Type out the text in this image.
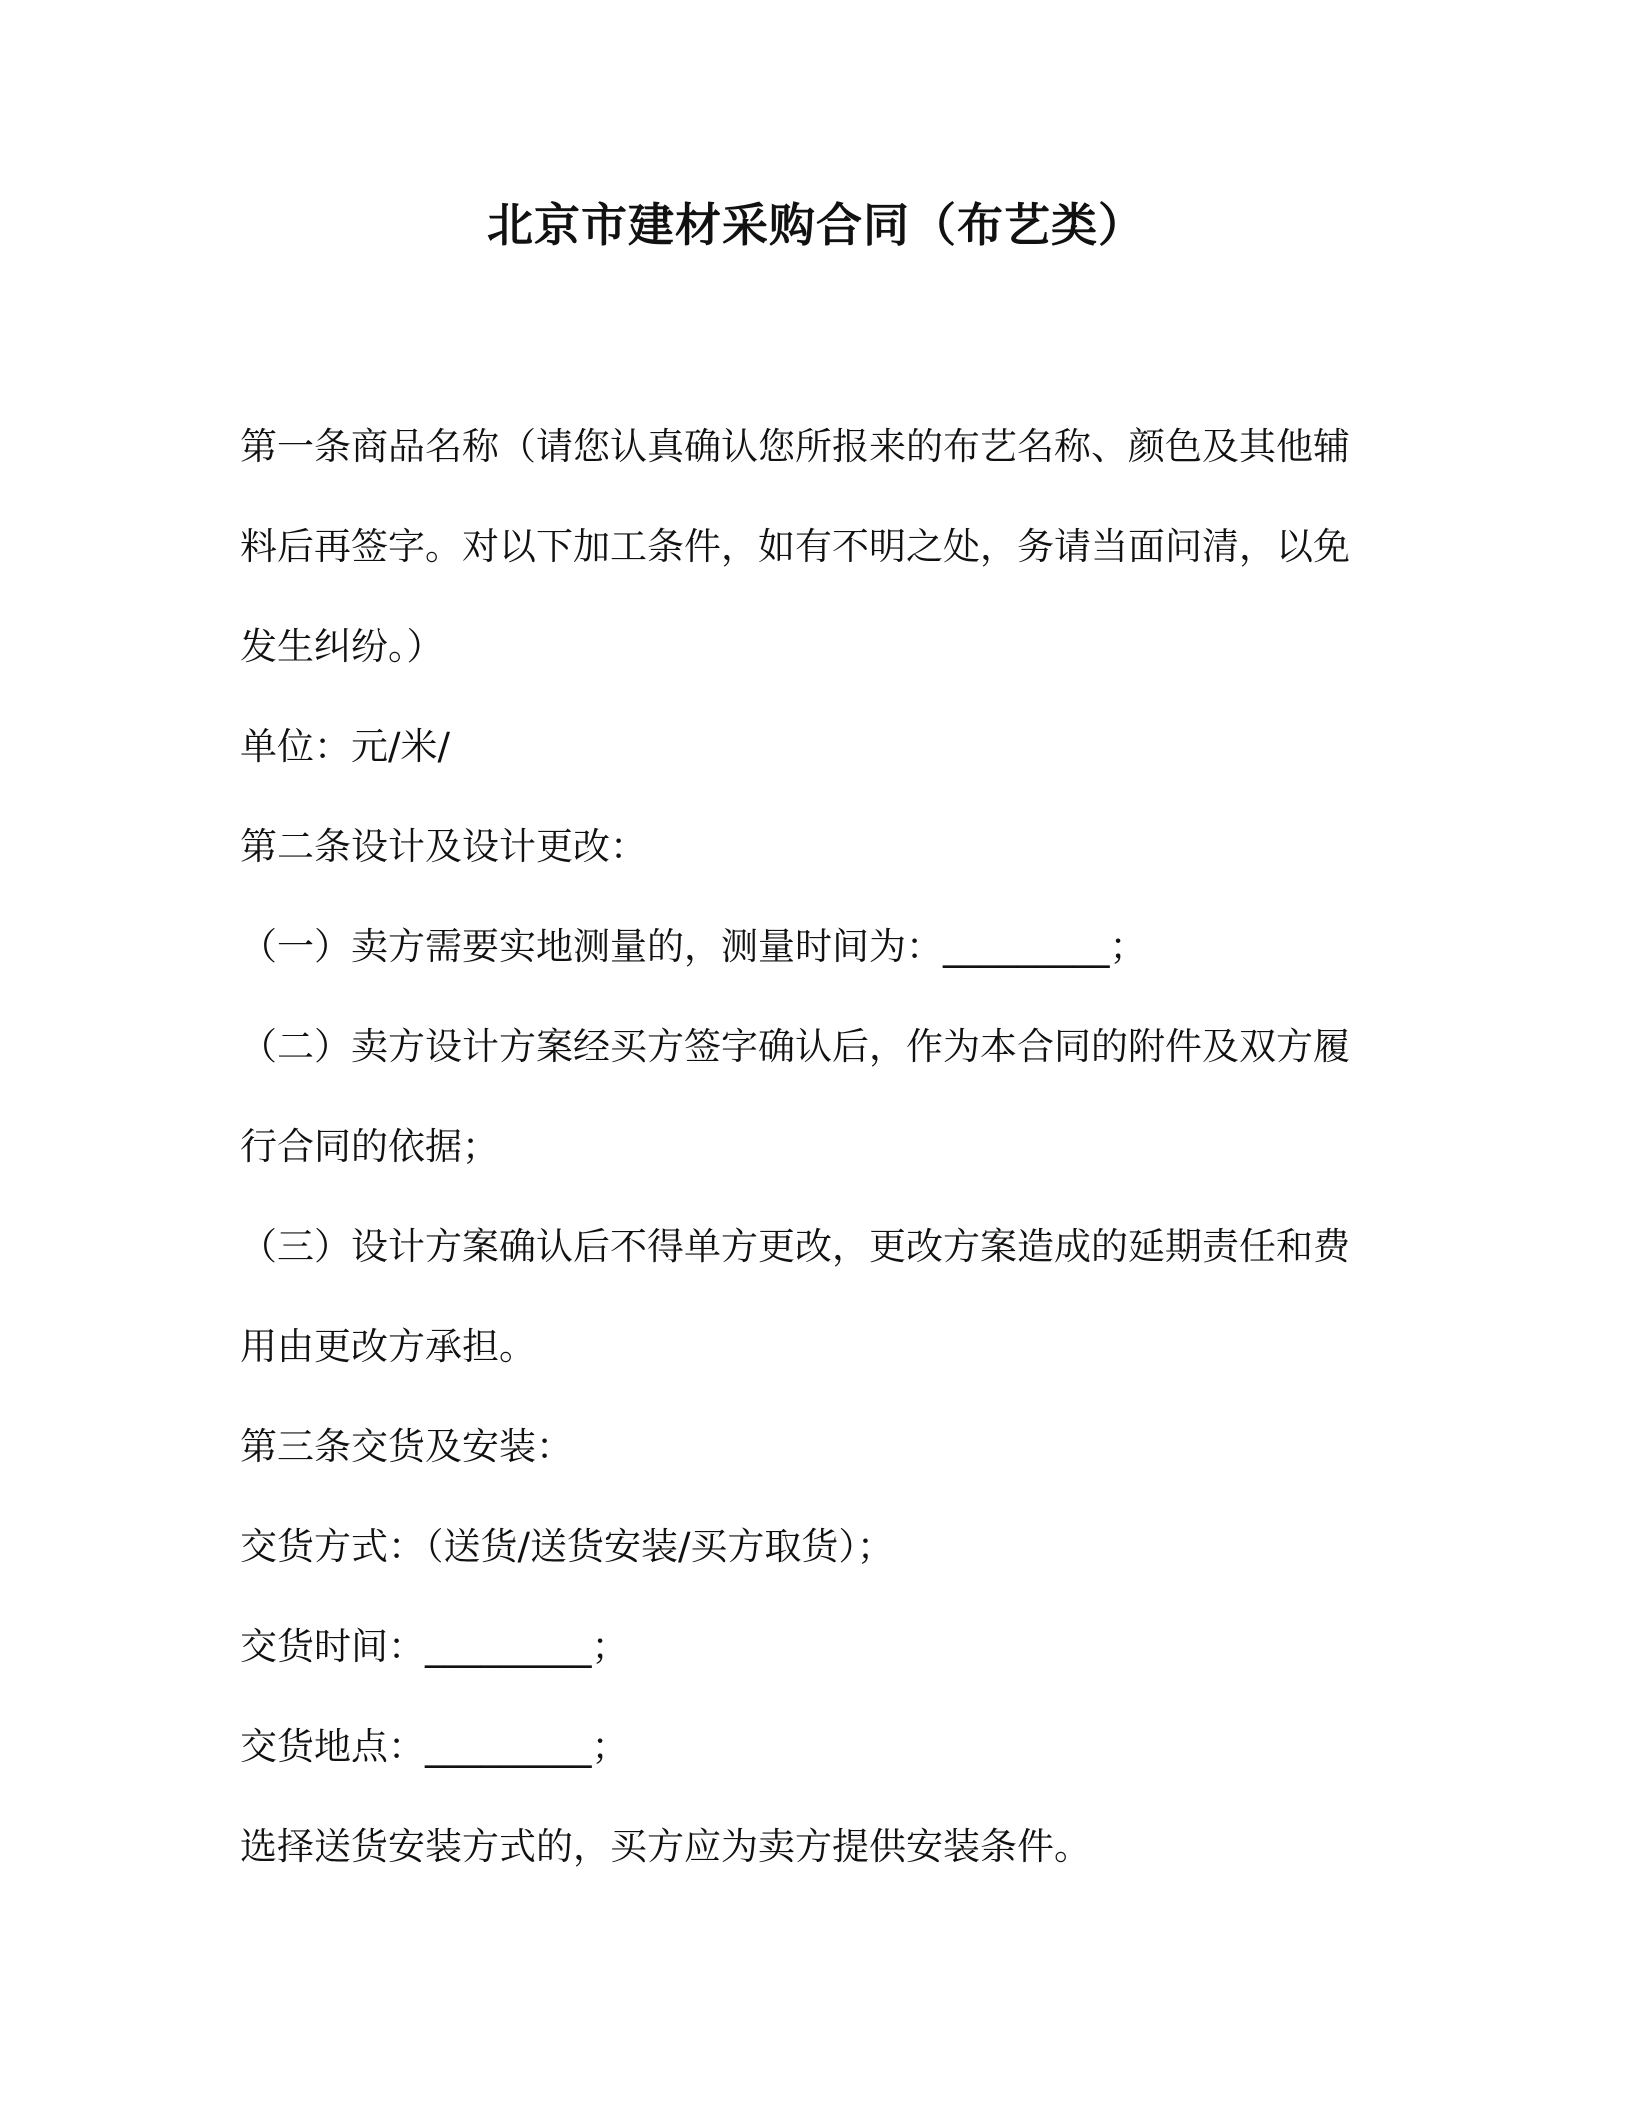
北京市建材采购合同（布艺类）
第一条商品名称（请您认真确认您所报来的布艺名称、颜色及其他辅
料后再签字。对以下加工条件，如有不明之处，务请当面问清，以免
发生纠纷。）
单位：元/米/
第二条设计及设计更改：
（一）卖方需要实地测量的，测量时间为：_________；
（二）卖方设计方案经买方签字确认后，作为本合同的附件及双方履
行合同的依据；
（三）设计方案确认后不得单方更改，更改方案造成的延期责任和费
用由更改方承担。
第三条交货及安装：
交货方式：（送货/送货安装/买方取货）；
交货时间：_________；
交货地点：_________；
选择送货安装方式的，买方应为卖方提供安装条件。
